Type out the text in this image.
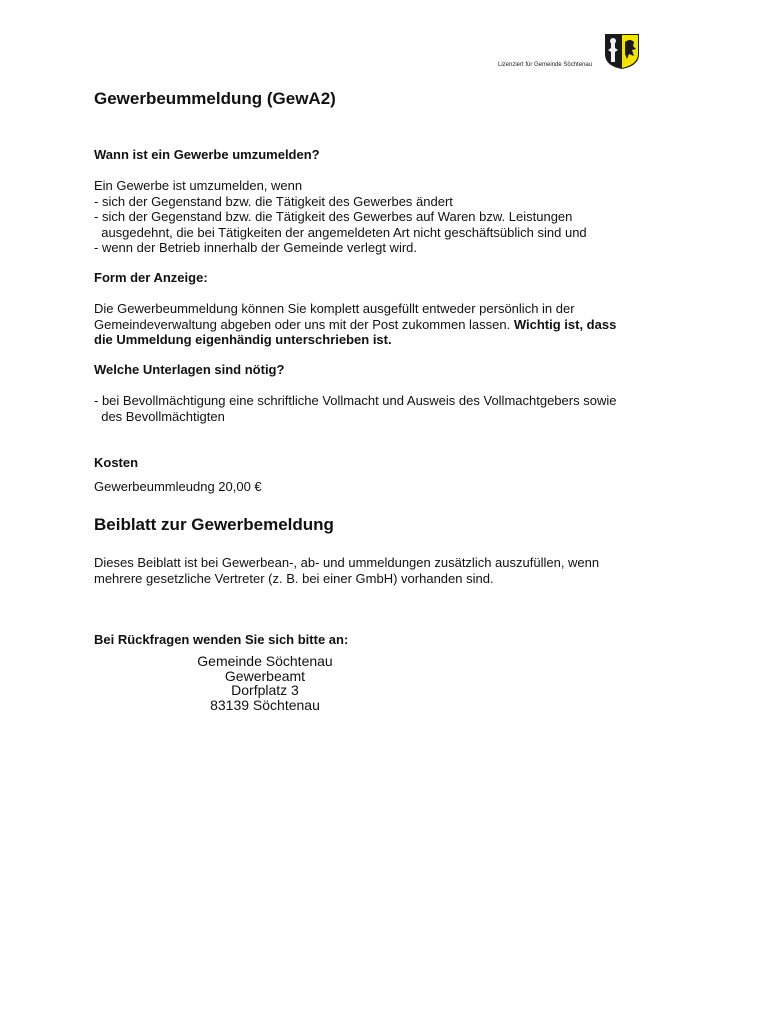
Lizenziert für Gemeinde Söchtenau
Gewerbeummeldung (GewA2)
Wann ist ein Gewerbe umzumelden?
Ein Gewerbe ist umzumelden, wenn
- sich der Gegenstand bzw. die Tätigkeit des Gewerbes ändert
- sich der Gegenstand bzw. die Tätigkeit des Gewerbes auf Waren bzw. Leistungen
ausgedehnt, die bei Tätigkeiten der angemeldeten Art nicht geschäftsüblich sind und
- wenn der Betrieb innerhalb der Gemeinde verlegt wird.
Form der Anzeige:
Die Gewerbeummeldung können Sie komplett ausgefüllt entweder persönlich in der
Gemeindeverwaltung abgeben oder uns mit der Post zukommen lassen. Wichtig ist, dass
die Ummeldung eigenhändig unterschrieben ist.
Welche Unterlagen sind nötig?
- bei Bevollmächtigung eine schriftliche Vollmacht und Ausweis des Vollmachtgebers sowie
des Bevollmächtigten
Kosten
Gewerbeummleudng 20,00 €
Beiblatt zur Gewerbemeldung
Dieses Beiblatt ist bei Gewerbean-, ab- und ummeldungen zusätzlich auszufüllen, wenn
mehrere gesetzliche Vertreter (z. B. bei einer GmbH) vorhanden sind.
Bei Rückfragen wenden Sie sich bitte an:
Gemeinde Söchtenau
Gewerbeamt
Dorfplatz 3
83139 Söchtenau
